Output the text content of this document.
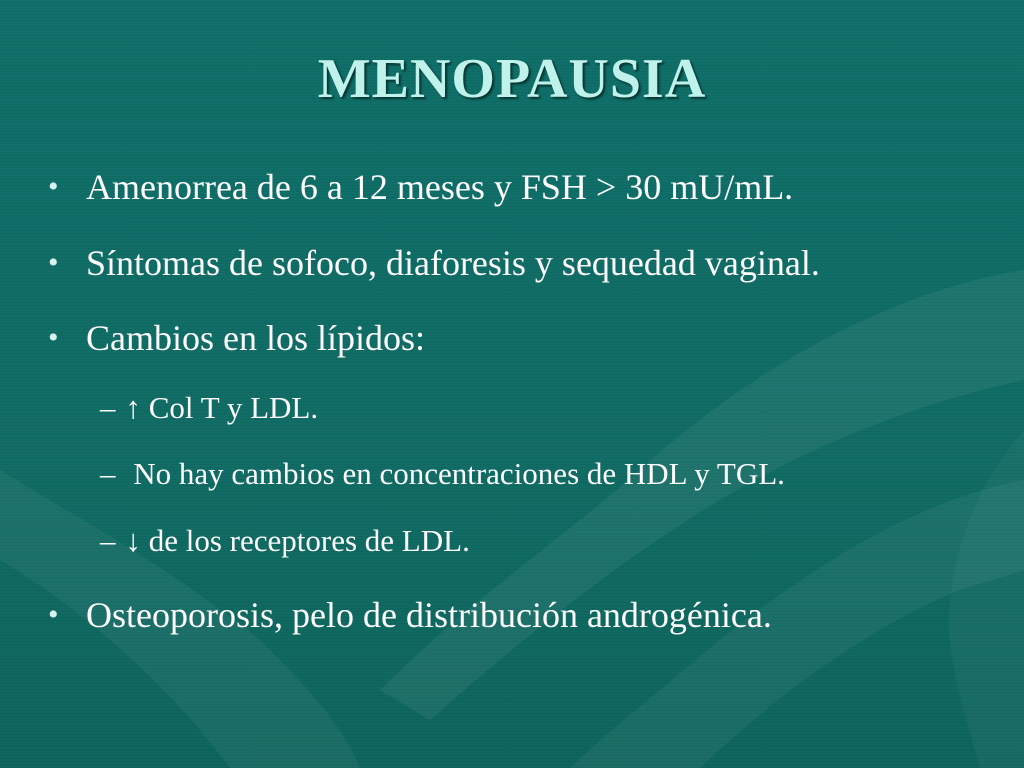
MENOPAUSIA
• Amenorrea de 6 a 12 meses y FSH > 30 mU/mL.
• Síntomas de sofoco, diaforesis y sequedad vaginal.
• Cambios en los lípidos:
– ↑ Col T y LDL.
– No hay cambios en concentraciones de HDL y TGL.
– ↓ de los receptores de LDL.
• Osteoporosis, pelo de distribución androgénica.
